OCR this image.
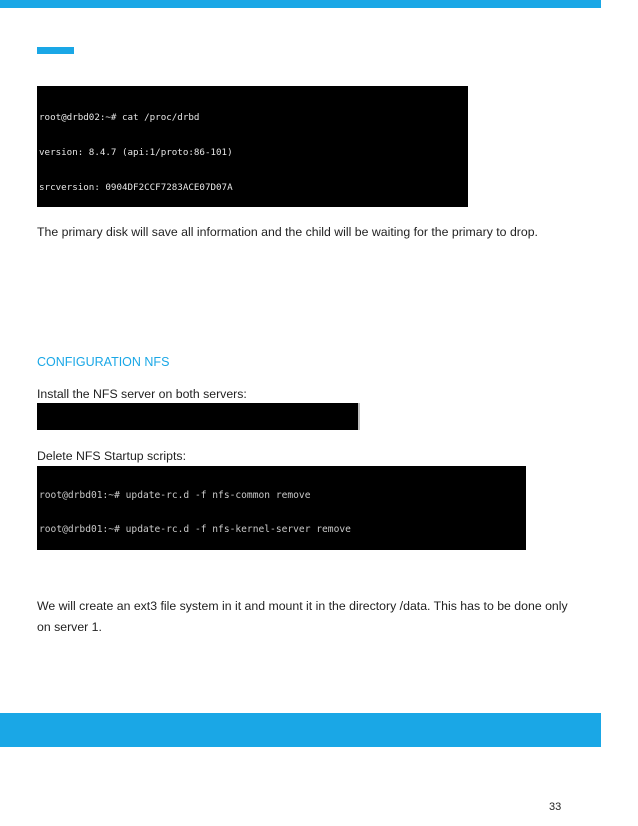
root@drbd02:~# cat /proc/drbd

version: 8.4.7 (api:1/proto:86-101)

srcversion: 0904DF2CCF7283ACE07D07A

The primary disk will save all information and the child will be waiting for the primary to drop.
CONFIGURATION NFS
Install the NFS server on both servers:

Delete NFS Startup scripts:

root@drbd01:~# update-rc.d -f nfs-common remove

root@drbd01:~# update-rc.d -f nfs-kernel-server remove

We will create an ext3 file system in it and mount it in the directory /data. This has to be done only on server 1.
33
